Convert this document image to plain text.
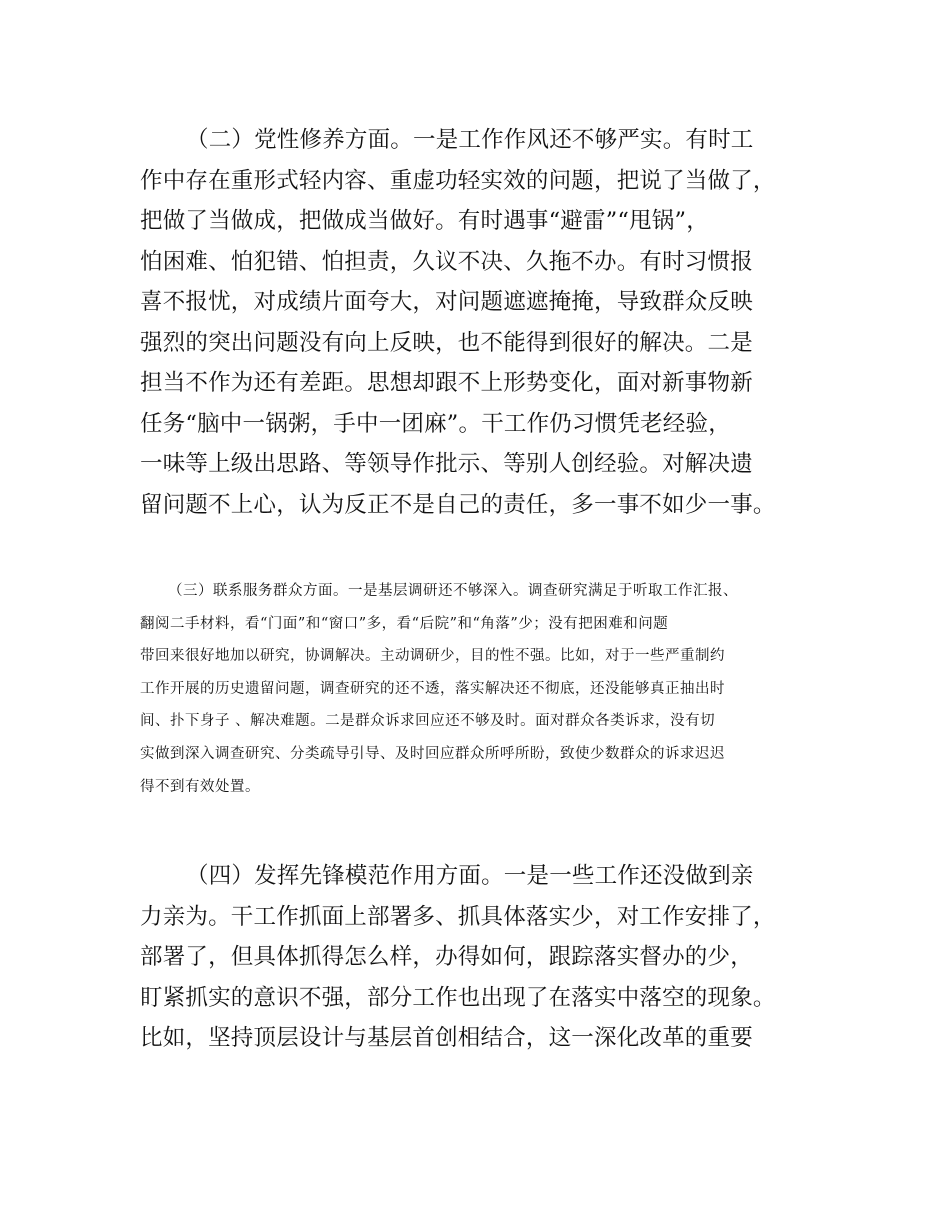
（二）党性修养方面。一是工作作风还不够严实。有时工
作中存在重形式轻内容、重虚功轻实效的问题，把说了当做了，
把做了当做成，把做成当做好。有时遇事“避雷”“甩锅”，
怕困难、怕犯错、怕担责，久议不决、久拖不办。有时习惯报
喜不报忧，对成绩片面夸大，对问题遮遮掩掩，导致群众反映
强烈的突出问题没有向上反映，也不能得到很好的解决。二是
担当不作为还有差距。思想却跟不上形势变化，面对新事物新
任务“脑中一锅粥，手中一团麻”。干工作仍习惯凭老经验，
一味等上级出思路、等领导作批示、等别人创经验。对解决遗
留问题不上心，认为反正不是自己的责任，多一事不如少一事。
（三）联系服务群众方面。一是基层调研还不够深入。调查研究满足于听取工作汇报、
翻阅二手材料，看“门面”和“窗口”多，看“后院”和“角落”少；没有把困难和问题
带回来很好地加以研究，协调解决。主动调研少，目的性不强。比如，对于一些严重制约
工作开展的历史遗留问题，调查研究的还不透，落实解决还不彻底，还没能够真正抽出时
间、扑下身子 、解决难题。二是群众诉求回应还不够及时。面对群众各类诉求，没有切
实做到深入调查研究、分类疏导引导、及时回应群众所呼所盼，致使少数群众的诉求迟迟
得不到有效处置。
（四）发挥先锋模范作用方面。一是一些工作还没做到亲
力亲为。干工作抓面上部署多、抓具体落实少，对工作安排了，
部署了，但具体抓得怎么样，办得如何，跟踪落实督办的少，
盯紧抓实的意识不强，部分工作也出现了在落实中落空的现象。
比如，坚持顶层设计与基层首创相结合，这一深化改革的重要
